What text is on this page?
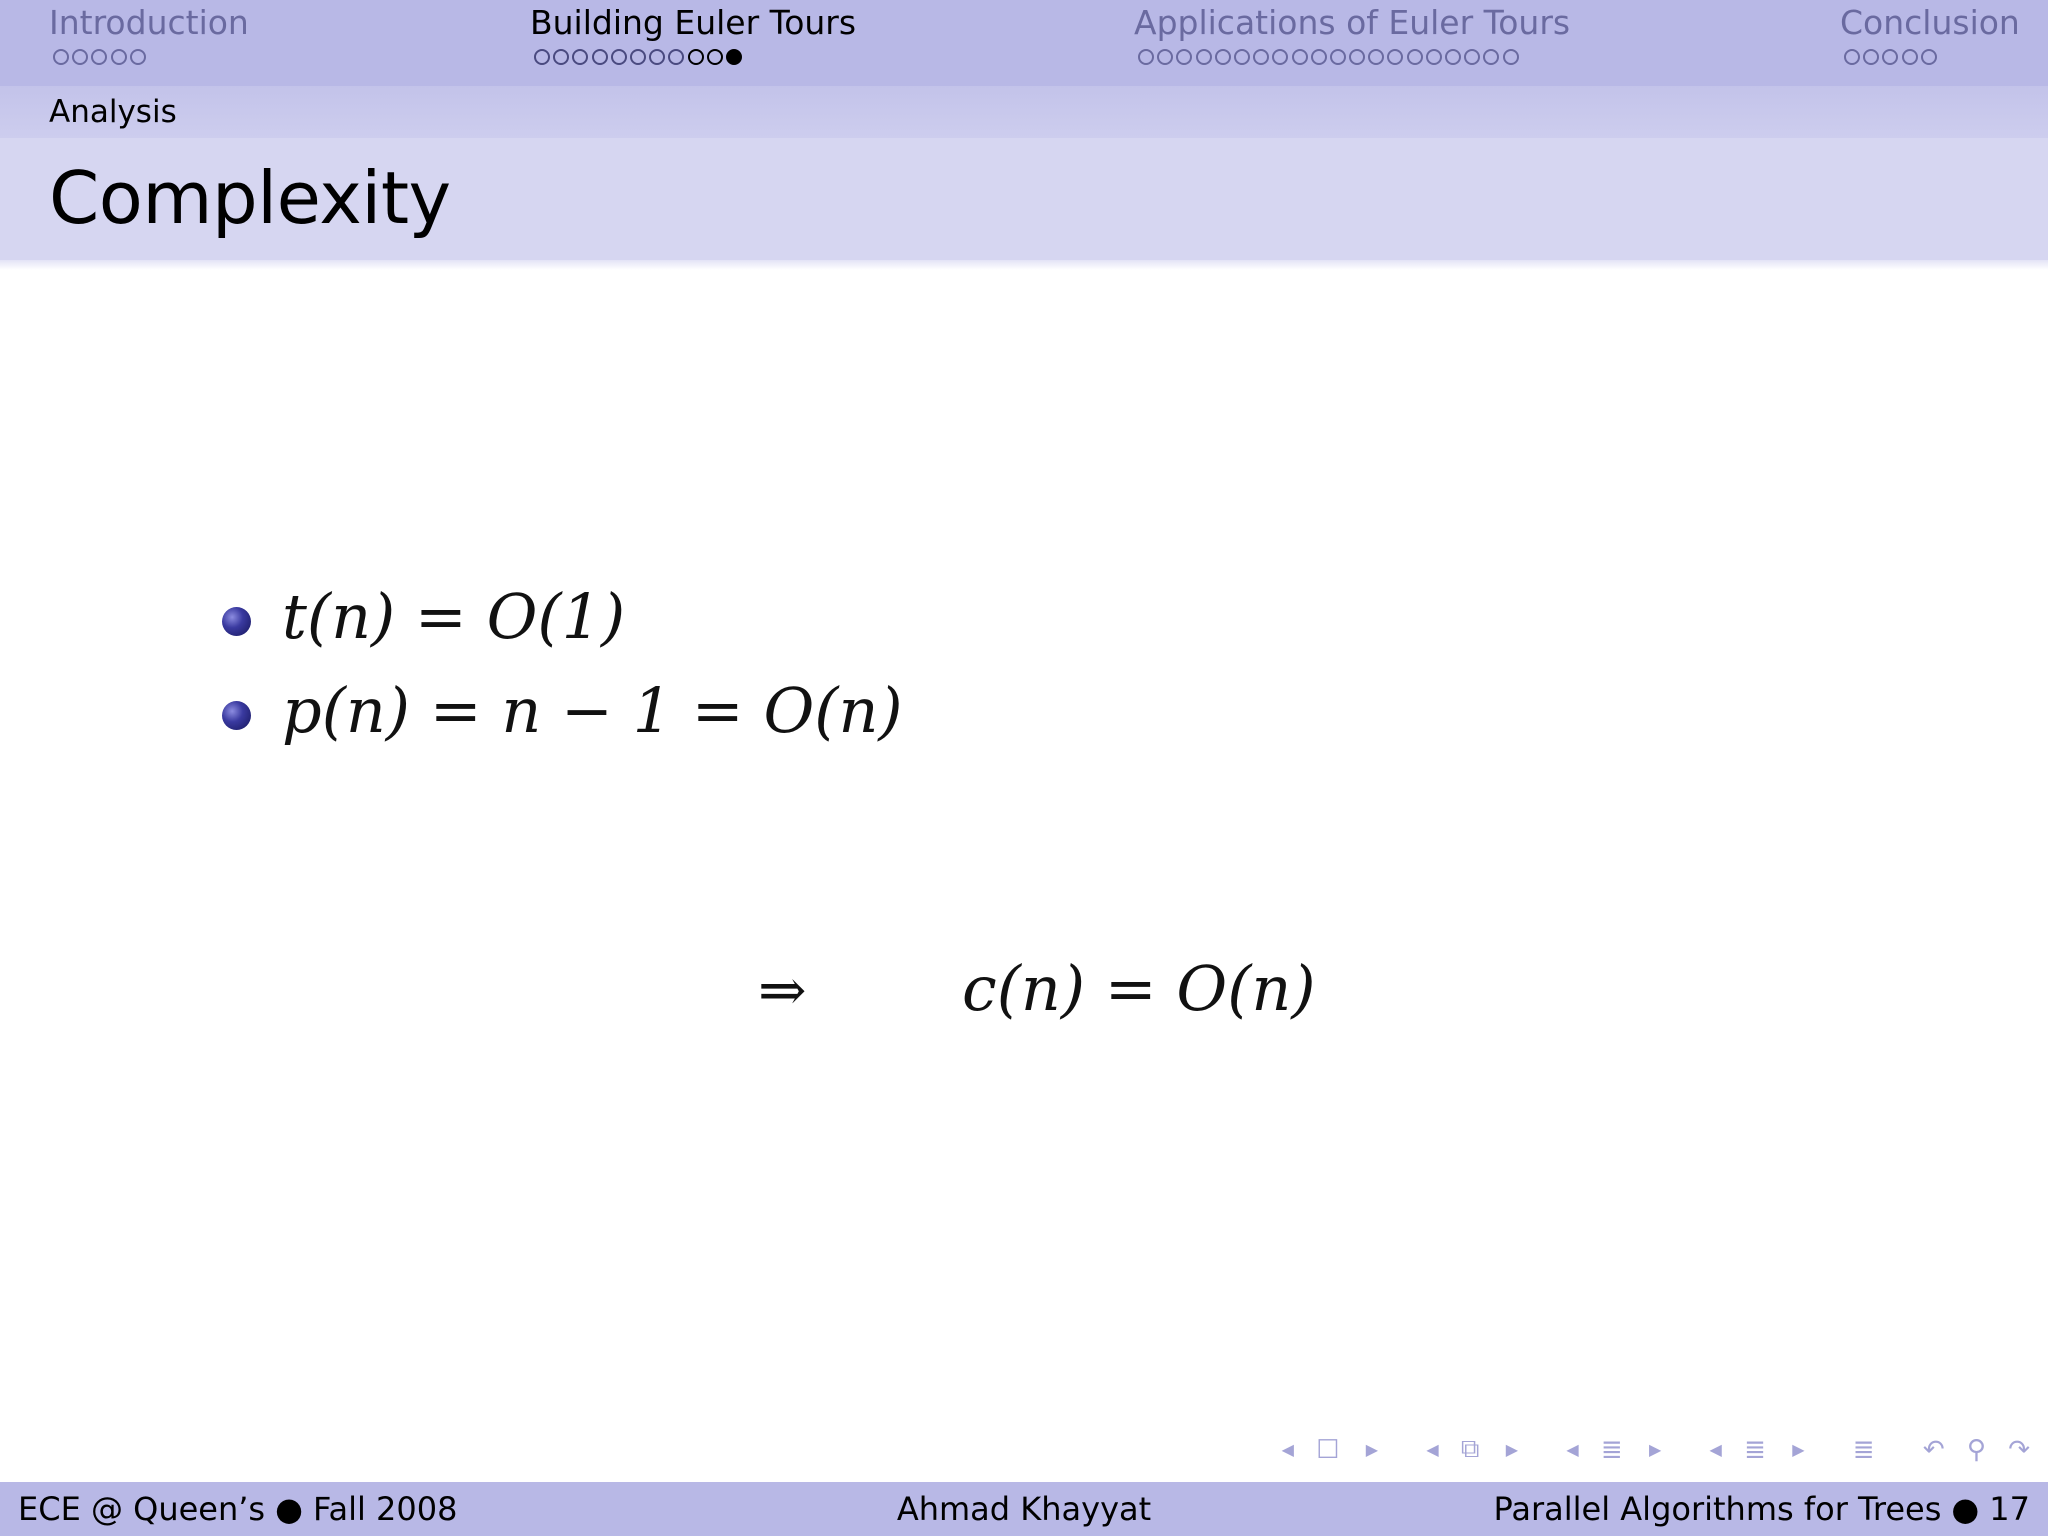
Introduction	Building Euler Tours	Applications of Euler Tours	Conclusion
Analysis
Complexity
t(n) = O(1)
p(n) = n − 1 = O(n)
⇒	c(n) = O(n)
◀ ☐ ▶	◀ ⧉ ▶	◀ ≣ ▶	◀ ≣ ▶ ≣ ↶ ⚲ ↷
ECE @ Queen’s ● Fall 2008	Ahmad Khayyat	Parallel Algorithms for Trees ● 17
